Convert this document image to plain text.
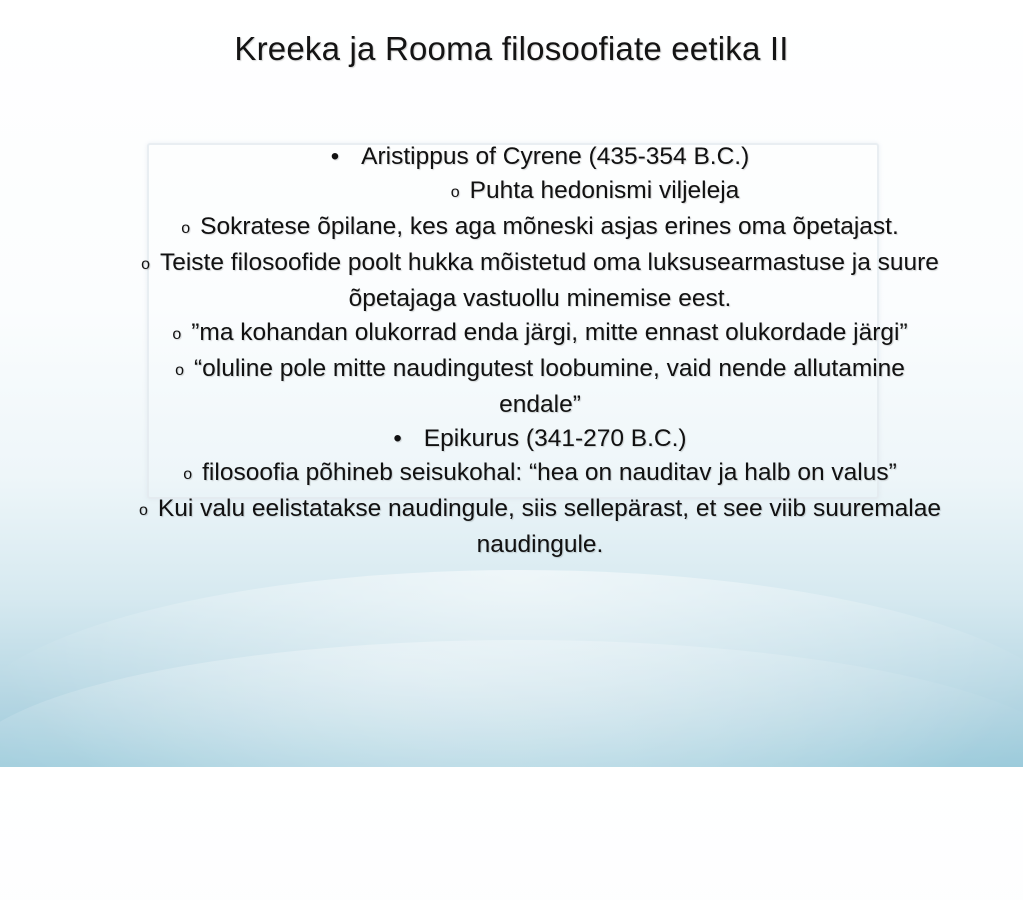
Kreeka ja Rooma filosoofiate eetika II

• Aristippus of Cyrene (435-354 B.C.)

o Puhta hedonismi viljeleja

o Sokratese õpilane, kes aga mõneski asjas erines oma õpetajast.

o Teiste filosoofide poolt hukka mõistetud oma luksusearmastuse ja suure õpetajaga vastuollu minemise eest.

o ”ma kohandan olukorrad enda järgi, mitte ennast olukordade järgi”

o “oluline pole mitte naudingutest loobumine, vaid nende allutamine endale”

• Epikurus (341-270 B.C.)

o filosoofia põhineb seisukohal: “hea on nauditav ja halb on valus”

o Kui valu eelistatakse naudingule, siis sellepärast, et see viib suuremalae naudingule.
